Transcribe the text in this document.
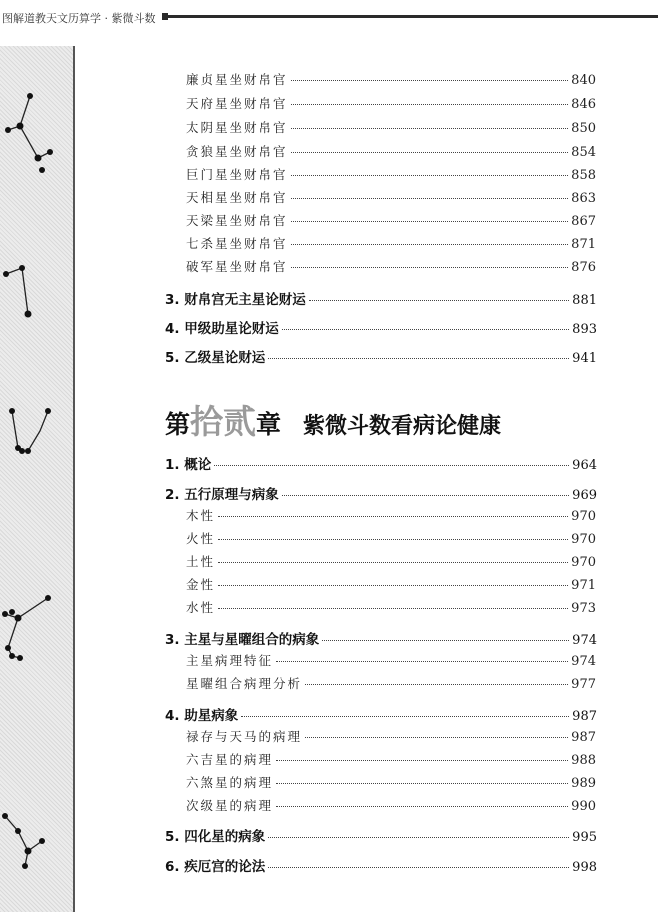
图解道教天文历算学 · 紫微斗数
廉贞星坐财帛官	840
天府星坐财帛官	846
太阴星坐财帛官	850
贪狼星坐财帛官	854
巨门星坐财帛官	858
天相星坐财帛官	863
天梁星坐财帛官	867
七杀星坐财帛官	871
破军星坐财帛官	876
3. 财帛宫无主星论财运	881
4. 甲级助星论财运	893
5. 乙级星论财运	941
第拾贰章 紫微斗数看病论健康
1. 概论	964
2. 五行原理与病象	969
木性	970
火性	970
土性	970
金性	971
水性	973
3. 主星与星曜组合的病象	974
主星病理特征	974
星曜组合病理分析	977
4. 助星病象	987
禄存与天马的病理	987
六吉星的病理	988
六煞星的病理	989
次级星的病理	990
5. 四化星的病象	995
6. 疾厄宫的论法	998
